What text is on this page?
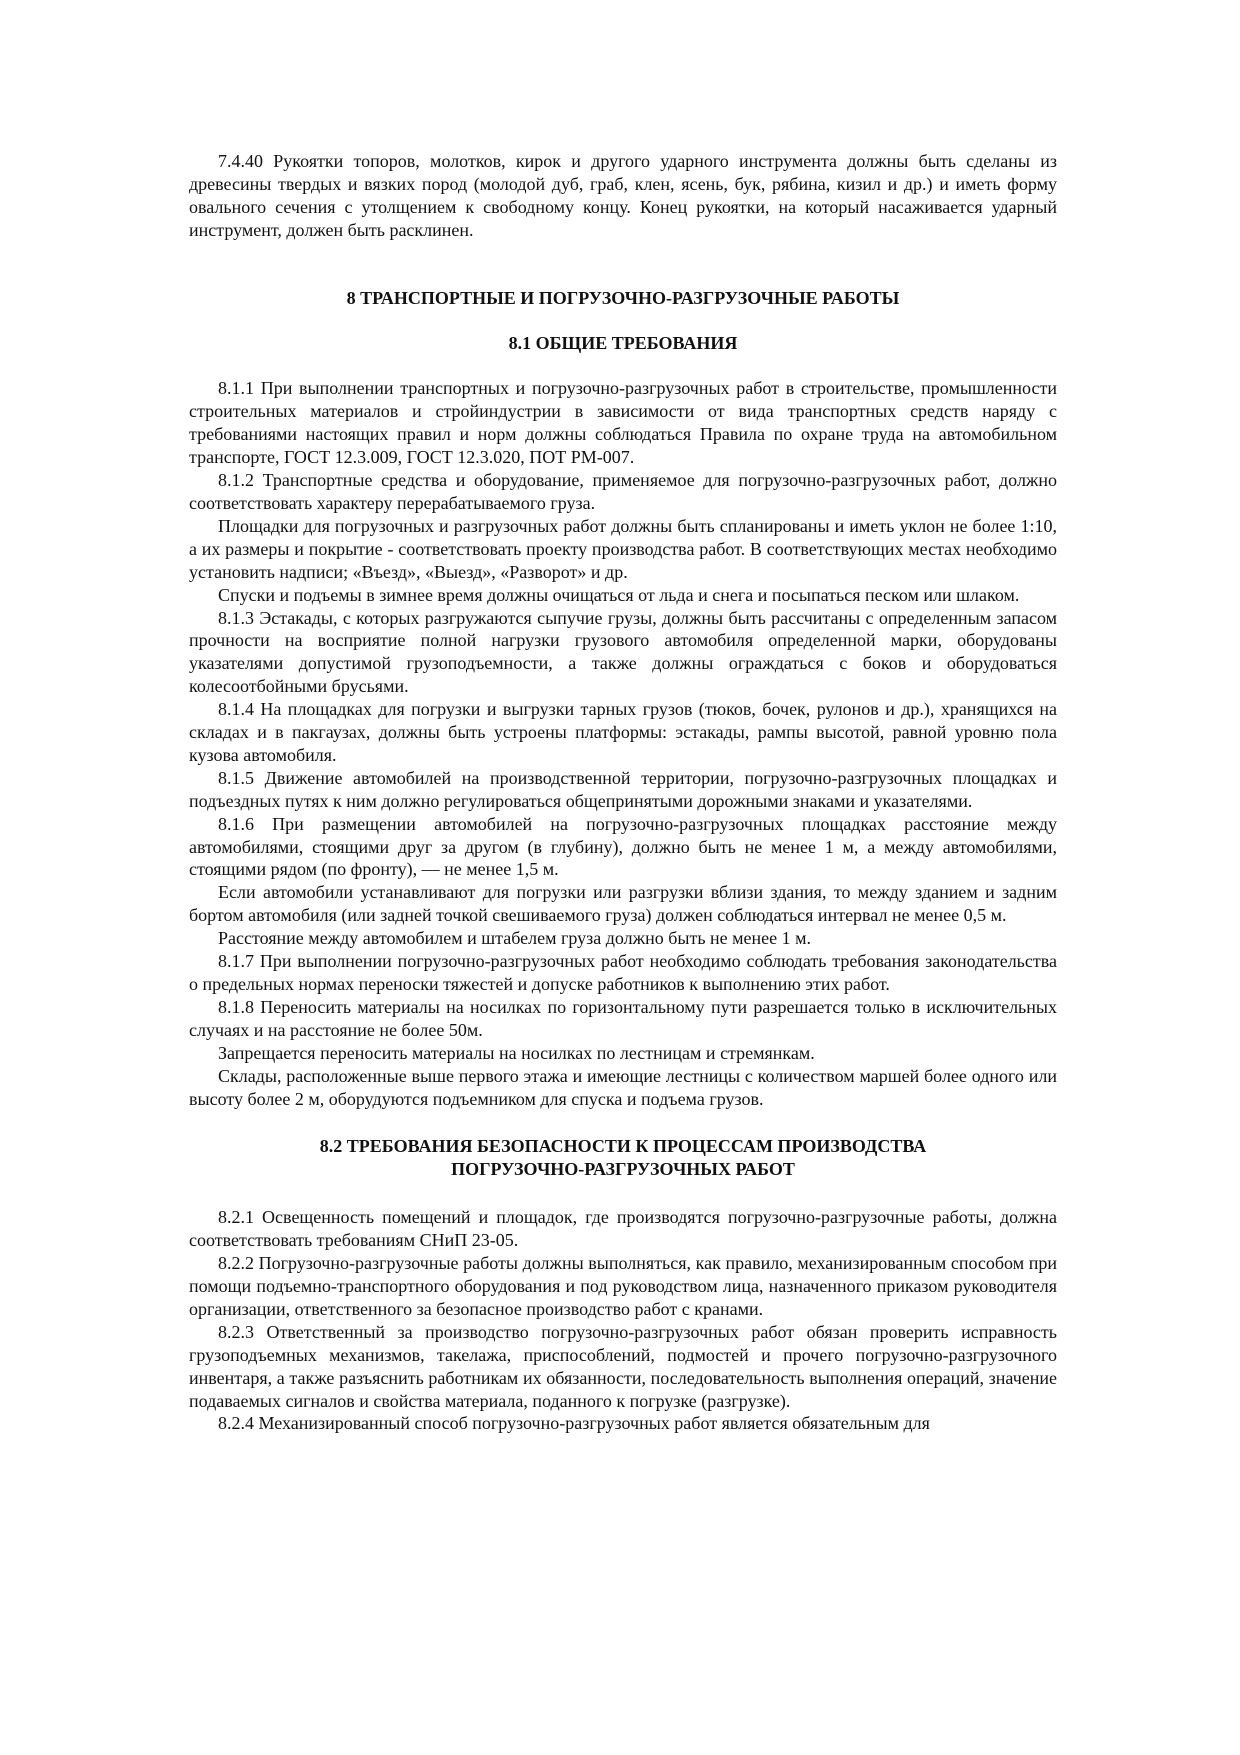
7.4.40 Рукоятки топоров, молотков, кирок и другого ударного инструмента должны быть сделаны из древесины твердых и вязких пород (молодой дуб, граб, клен, ясень, бук, рябина, кизил и др.) и иметь форму овального сечения с утолщением к свободному концу. Конец рукоятки, на который насаживается ударный инструмент, должен быть расклинен.

8 ТРАНСПОРТНЫЕ И ПОГРУЗОЧНО-РАЗГРУЗОЧНЫЕ РАБОТЫ
8.1 ОБЩИЕ ТРЕБОВАНИЯ

8.1.1 При выполнении транспортных и погрузочно-разгрузочных работ в строительстве, промышленности строительных материалов и стройиндустрии в зависимости от вида транспортных средств наряду с требованиями настоящих правил и норм должны соблюдаться Правила по охране труда на автомобильном транспорте, ГОСТ 12.3.009, ГОСТ 12.3.020, ПОТ РМ-007.

8.1.2 Транспортные средства и оборудование, применяемое для погрузочно-разгрузочных работ, должно соответствовать характеру перерабатываемого груза.

Площадки для погрузочных и разгрузочных работ должны быть спланированы и иметь уклон не более 1:10, а их размеры и покрытие - соответствовать проекту производства работ. В соответствующих местах необходимо установить надписи; «Въезд», «Выезд», «Разворот» и др.

Спуски и подъемы в зимнее время должны очищаться от льда и снега и посыпаться песком или шлаком.

8.1.3 Эстакады, с которых разгружаются сыпучие грузы, должны быть рассчитаны с определенным запасом прочности на восприятие полной нагрузки грузового автомобиля определенной марки, оборудованы указателями допустимой грузоподъемности, а также должны ограждаться с боков и оборудоваться колесоотбойными брусьями.

8.1.4 На площадках для погрузки и выгрузки тарных грузов (тюков, бочек, рулонов и др.), хранящихся на складах и в пакгаузах, должны быть устроены платформы: эстакады, рампы высотой, равной уровню пола кузова автомобиля.

8.1.5 Движение автомобилей на производственной территории, погрузочно-разгрузочных площадках и подъездных путях к ним должно регулироваться общепринятыми дорожными знаками и указателями.

8.1.6 При размещении автомобилей на погрузочно-разгрузочных площадках расстояние между автомобилями, стоящими друг за другом (в глубину), должно быть не менее 1 м, а между автомобилями, стоящими рядом (по фронту), — не менее 1,5 м.

Если автомобили устанавливают для погрузки или разгрузки вблизи здания, то между зданием и задним бортом автомобиля (или задней точкой свешиваемого груза) должен соблюдаться интервал не менее 0,5 м.

Расстояние между автомобилем и штабелем груза должно быть не менее 1 м.

8.1.7 При выполнении погрузочно-разгрузочных работ необходимо соблюдать требования законодательства о предельных нормах переноски тяжестей и допуске работников к выполнению этих работ.

8.1.8 Переносить материалы на носилках по горизонтальному пути разрешается только в исключительных случаях и на расстояние не более 50м.

Запрещается переносить материалы на носилках по лестницам и стремянкам.

Склады, расположенные выше первого этажа и имеющие лестницы с количеством маршей более одного или высоту более 2 м, оборудуются подъемником для спуска и подъема грузов.

8.2 ТРЕБОВАНИЯ БЕЗОПАСНОСТИ К ПРОЦЕССАМ ПРОИЗВОДСТВА
ПОГРУЗОЧНО-РАЗГРУЗОЧНЫХ РАБОТ

8.2.1 Освещенность помещений и площадок, где производятся погрузочно-разгрузочные работы, должна соответствовать требованиям СНиП 23-05.

8.2.2 Погрузочно-разгрузочные работы должны выполняться, как правило, механизированным способом при помощи подъемно-транспортного оборудования и под руководством лица, назначенного приказом руководителя организации, ответственного за безопасное производство работ с кранами.

8.2.3 Ответственный за производство погрузочно-разгрузочных работ обязан проверить исправность грузоподъемных механизмов, такелажа, приспособлений, подмостей и прочего погрузочно-разгрузочного инвентаря, а также разъяснить работникам их обязанности, последовательность выполнения операций, значение подаваемых сигналов и свойства материала, поданного к погрузке (разгрузке).

8.2.4 Механизированный способ погрузочно-разгрузочных работ является обязательным для
